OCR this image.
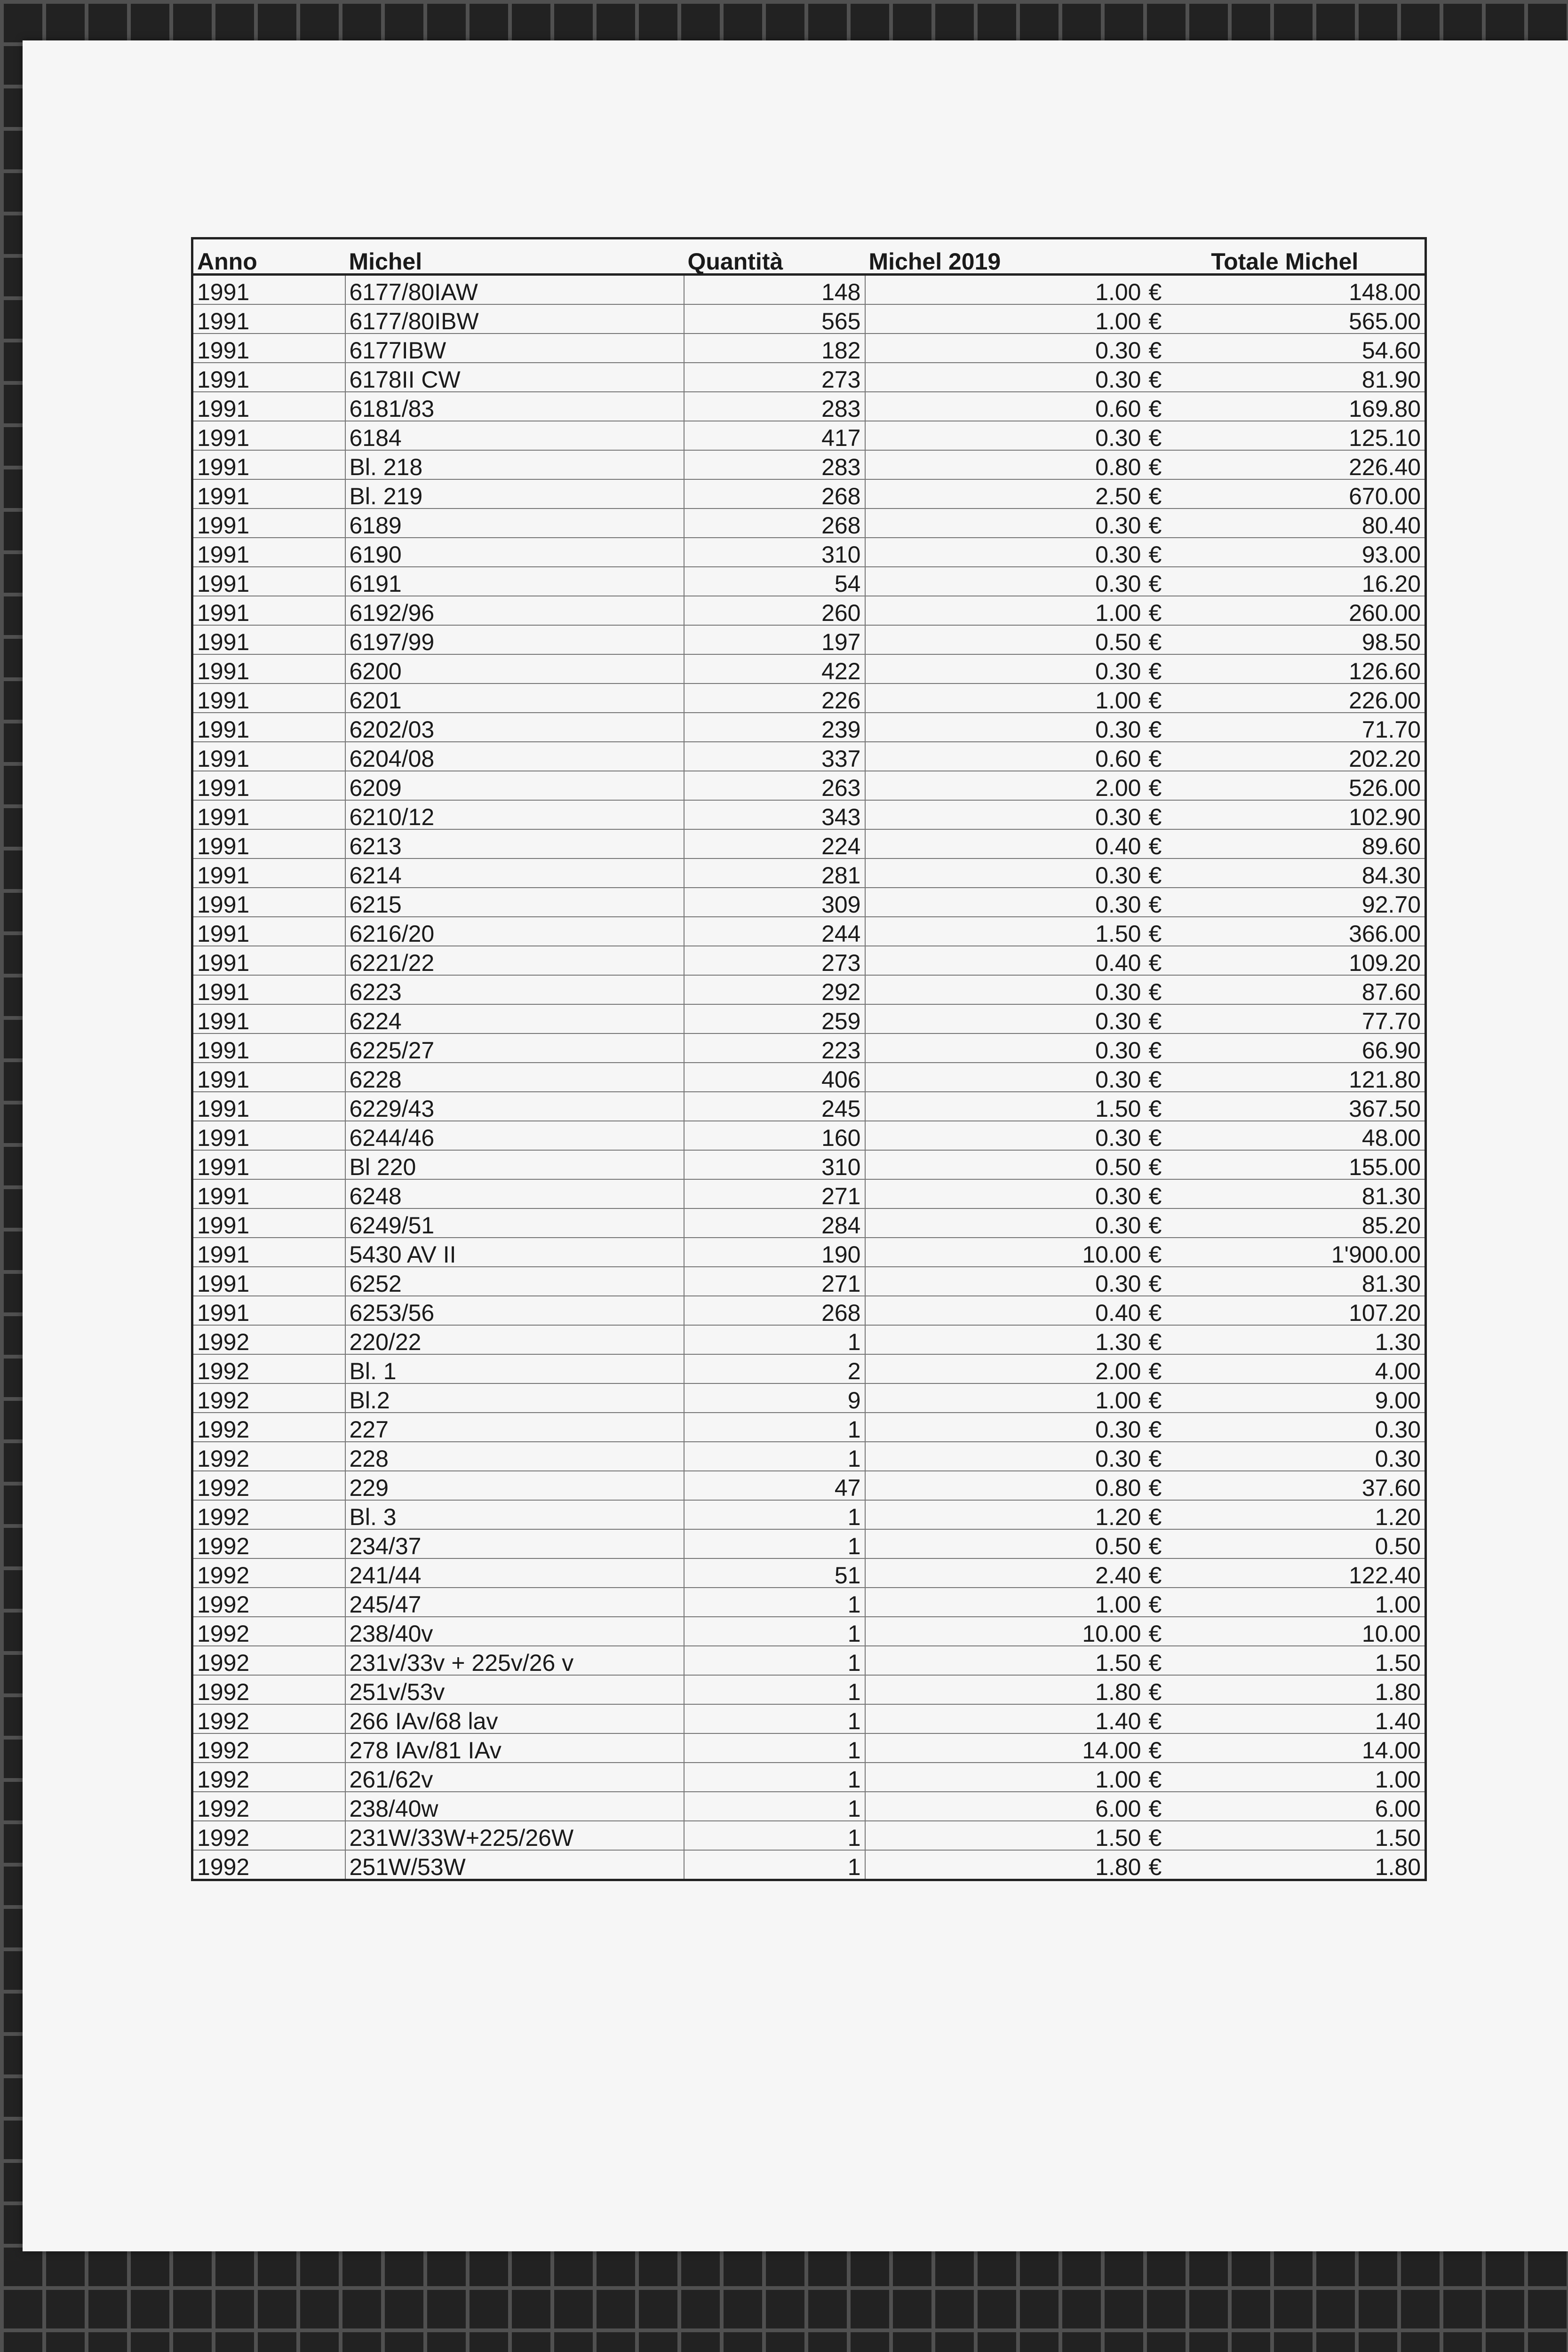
Anno	Michel	Quantità	Michel 2019	Totale Michel	
1991	6177/80IAW	148	1.00	€	148.00
1991	6177/80IBW	565	1.00	€	565.00
1991	6177IBW	182	0.30	€	54.60
1991	6178II CW	273	0.30	€	81.90
1991	6181/83	283	0.60	€	169.80
1991	6184	417	0.30	€	125.10
1991	Bl. 218	283	0.80	€	226.40
1991	Bl. 219	268	2.50	€	670.00
1991	6189	268	0.30	€	80.40
1991	6190	310	0.30	€	93.00
1991	6191	54	0.30	€	16.20
1991	6192/96	260	1.00	€	260.00
1991	6197/99	197	0.50	€	98.50
1991	6200	422	0.30	€	126.60
1991	6201	226	1.00	€	226.00
1991	6202/03	239	0.30	€	71.70
1991	6204/08	337	0.60	€	202.20
1991	6209	263	2.00	€	526.00
1991	6210/12	343	0.30	€	102.90
1991	6213	224	0.40	€	89.60
1991	6214	281	0.30	€	84.30
1991	6215	309	0.30	€	92.70
1991	6216/20	244	1.50	€	366.00
1991	6221/22	273	0.40	€	109.20
1991	6223	292	0.30	€	87.60
1991	6224	259	0.30	€	77.70
1991	6225/27	223	0.30	€	66.90
1991	6228	406	0.30	€	121.80
1991	6229/43	245	1.50	€	367.50
1991	6244/46	160	0.30	€	48.00
1991	Bl 220	310	0.50	€	155.00
1991	6248	271	0.30	€	81.30
1991	6249/51	284	0.30	€	85.20
1991	5430 AV II	190	10.00	€	1'900.00
1991	6252	271	0.30	€	81.30
1991	6253/56	268	0.40	€	107.20
1992	220/22	1	1.30	€	1.30
1992	Bl. 1	2	2.00	€	4.00
1992	Bl.2	9	1.00	€	9.00
1992	227	1	0.30	€	0.30
1992	228	1	0.30	€	0.30
1992	229	47	0.80	€	37.60
1992	Bl. 3	1	1.20	€	1.20
1992	234/37	1	0.50	€	0.50
1992	241/44	51	2.40	€	122.40
1992	245/47	1	1.00	€	1.00
1992	238/40v	1	10.00	€	10.00
1992	231v/33v + 225v/26 v	1	1.50	€	1.50
1992	251v/53v	1	1.80	€	1.80
1992	266 IAv/68 lav	1	1.40	€	1.40
1992	278 IAv/81 IAv	1	14.00	€	14.00
1992	261/62v	1	1.00	€	1.00
1992	238/40w	1	6.00	€	6.00
1992	231W/33W+225/26W	1	1.50	€	1.50
1992	251W/53W	1	1.80	€	1.80
